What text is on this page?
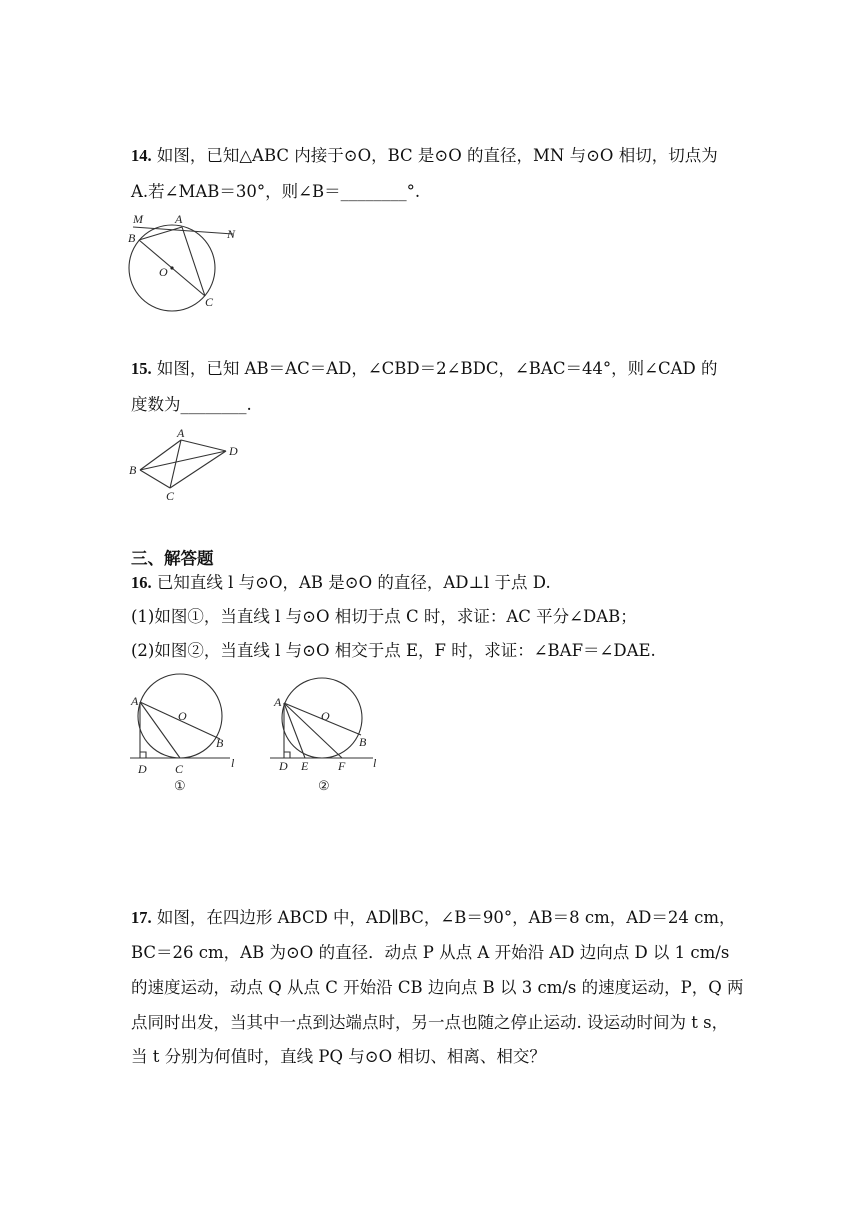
14. 如图，已知△ABC 内接于⊙O，BC 是⊙O 的直径，MN 与⊙O 相切，切点为
A.若∠MAB＝30°，则∠B＝________°.
M	A
N
B
O
C
15. 如图，已知 AB＝AC＝AD，∠CBD＝2∠BDC，∠BAC＝44°，则∠CAD 的
度数为________.
A
B
C
D
三、解答题
16. 已知直线 l 与⊙O，AB 是⊙O 的直径，AD⊥l 于点 D.
(1)如图①，当直线 l 与⊙O 相切于点 C 时，求证：AC 平分∠DAB；
(2)如图②，当直线 l 与⊙O 相交于点 E，F 时，求证：∠BAF＝∠DAE.
A
O
B
D C	l
①
A
O
B
D E F l
②
17. 如图，在四边形 ABCD 中，AD∥BC，∠B＝90°，AB＝8 cm，AD＝24 cm，
BC＝26 cm，AB 为⊙O 的直径．动点 P 从点 A 开始沿 AD 边向点 D 以 1 cm/s
的速度运动，动点 Q 从点 C 开始沿 CB 边向点 B 以 3 cm/s 的速度运动，P，Q 两
点同时出发，当其中一点到达端点时，另一点也随之停止运动. 设运动时间为 t s，
当 t 分别为何值时，直线 PQ 与⊙O 相切、相离、相交？
